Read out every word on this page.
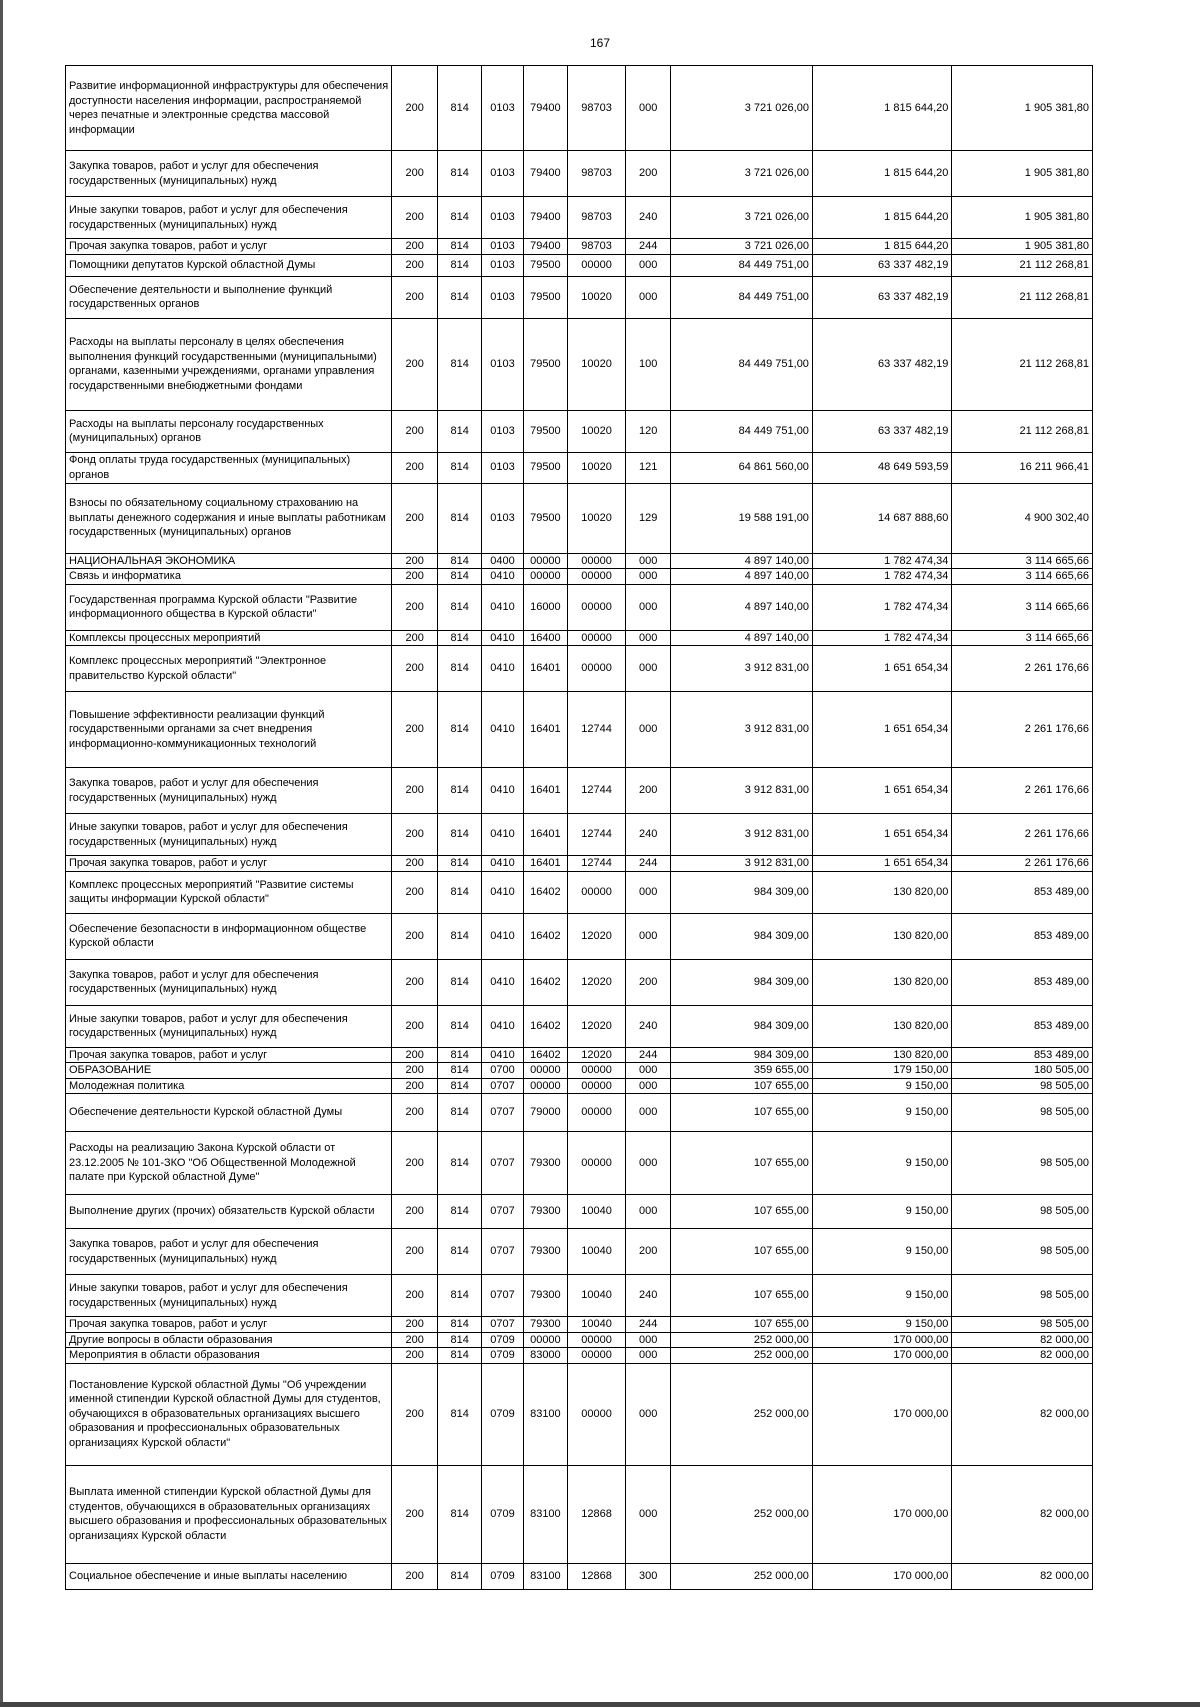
167
Развитие информационной инфраструктуры для обеспечения доступности населения информации, распространяемой через печатные и электронные средства массовой информации	200	814	0103	79400	98703	000	3 721 026,00	1 815 644,20	1 905 381,80
Закупка товаров, работ и услуг для обеспечения государственных (муниципальных) нужд	200	814	0103	79400	98703	200	3 721 026,00	1 815 644,20	1 905 381,80
Иные закупки товаров, работ и услуг для обеспечения государственных (муниципальных) нужд	200	814	0103	79400	98703	240	3 721 026,00	1 815 644,20	1 905 381,80
Прочая закупка товаров, работ и услуг	200	814	0103	79400	98703	244	3 721 026,00	1 815 644,20	1 905 381,80
Помощники депутатов Курской областной Думы	200	814	0103	79500	00000	000	84 449 751,00	63 337 482,19	21 112 268,81
Обеспечение деятельности и выполнение функций государственных органов	200	814	0103	79500	10020	000	84 449 751,00	63 337 482,19	21 112 268,81
Расходы на выплаты персоналу в целях обеспечения выполнения функций государственными (муниципальными) органами, казенными учреждениями, органами управления государственными внебюджетными фондами	200	814	0103	79500	10020	100	84 449 751,00	63 337 482,19	21 112 268,81
Расходы на выплаты персоналу государственных (муниципальных) органов	200	814	0103	79500	10020	120	84 449 751,00	63 337 482,19	21 112 268,81
Фонд оплаты труда государственных (муниципальных) органов	200	814	0103	79500	10020	121	64 861 560,00	48 649 593,59	16 211 966,41
Взносы по обязательному социальному страхованию на выплаты денежного содержания и иные выплаты работникам государственных (муниципальных) органов	200	814	0103	79500	10020	129	19 588 191,00	14 687 888,60	4 900 302,40
НАЦИОНАЛЬНАЯ ЭКОНОМИКА	200	814	0400	00000	00000	000	4 897 140,00	1 782 474,34	3 114 665,66
Связь и информатика	200	814	0410	00000	00000	000	4 897 140,00	1 782 474,34	3 114 665,66
Государственная программа Курской области "Развитие информационного общества в Курской области"	200	814	0410	16000	00000	000	4 897 140,00	1 782 474,34	3 114 665,66
Комплексы процессных мероприятий	200	814	0410	16400	00000	000	4 897 140,00	1 782 474,34	3 114 665,66
Комплекс процессных мероприятий "Электронное правительство Курской области"	200	814	0410	16401	00000	000	3 912 831,00	1 651 654,34	2 261 176,66
Повышение эффективности реализации функций государственными органами за счет внедрения информационно-коммуникационных технологий	200	814	0410	16401	12744	000	3 912 831,00	1 651 654,34	2 261 176,66
Закупка товаров, работ и услуг для обеспечения государственных (муниципальных) нужд	200	814	0410	16401	12744	200	3 912 831,00	1 651 654,34	2 261 176,66
Иные закупки товаров, работ и услуг для обеспечения государственных (муниципальных) нужд	200	814	0410	16401	12744	240	3 912 831,00	1 651 654,34	2 261 176,66
Прочая закупка товаров, работ и услуг	200	814	0410	16401	12744	244	3 912 831,00	1 651 654,34	2 261 176,66
Комплекс процессных мероприятий "Развитие системы защиты информации Курской области"	200	814	0410	16402	00000	000	984 309,00	130 820,00	853 489,00
Обеспечение безопасности в информационном обществе Курской области	200	814	0410	16402	12020	000	984 309,00	130 820,00	853 489,00
Закупка товаров, работ и услуг для обеспечения государственных (муниципальных) нужд	200	814	0410	16402	12020	200	984 309,00	130 820,00	853 489,00
Иные закупки товаров, работ и услуг для обеспечения государственных (муниципальных) нужд	200	814	0410	16402	12020	240	984 309,00	130 820,00	853 489,00
Прочая закупка товаров, работ и услуг	200	814	0410	16402	12020	244	984 309,00	130 820,00	853 489,00
ОБРАЗОВАНИЕ	200	814	0700	00000	00000	000	359 655,00	179 150,00	180 505,00
Молодежная политика	200	814	0707	00000	00000	000	107 655,00	9 150,00	98 505,00
Обеспечение деятельности Курской областной Думы	200	814	0707	79000	00000	000	107 655,00	9 150,00	98 505,00
Расходы на реализацию Закона Курской области от 23.12.2005 № 101-ЗКО "Об Общественной Молодежной палате при Курской областной Думе"	200	814	0707	79300	00000	000	107 655,00	9 150,00	98 505,00
Выполнение других (прочих) обязательств Курской области	200	814	0707	79300	10040	000	107 655,00	9 150,00	98 505,00
Закупка товаров, работ и услуг для обеспечения государственных (муниципальных) нужд	200	814	0707	79300	10040	200	107 655,00	9 150,00	98 505,00
Иные закупки товаров, работ и услуг для обеспечения государственных (муниципальных) нужд	200	814	0707	79300	10040	240	107 655,00	9 150,00	98 505,00
Прочая закупка товаров, работ и услуг	200	814	0707	79300	10040	244	107 655,00	9 150,00	98 505,00
Другие вопросы в области образования	200	814	0709	00000	00000	000	252 000,00	170 000,00	82 000,00
Мероприятия в области образования	200	814	0709	83000	00000	000	252 000,00	170 000,00	82 000,00
Постановление Курской областной Думы "Об учреждении именной стипендии Курской областной Думы для студентов, обучающихся в образовательных организациях высшего образования и профессиональных образовательных организациях Курской области"	200	814	0709	83100	00000	000	252 000,00	170 000,00	82 000,00
Выплата именной стипендии Курской областной Думы для студентов, обучающихся в образовательных организациях высшего образования и профессиональных образовательных организациях Курской области	200	814	0709	83100	12868	000	252 000,00	170 000,00	82 000,00
Социальное обеспечение и иные выплаты населению	200	814	0709	83100	12868	300	252 000,00	170 000,00	82 000,00
